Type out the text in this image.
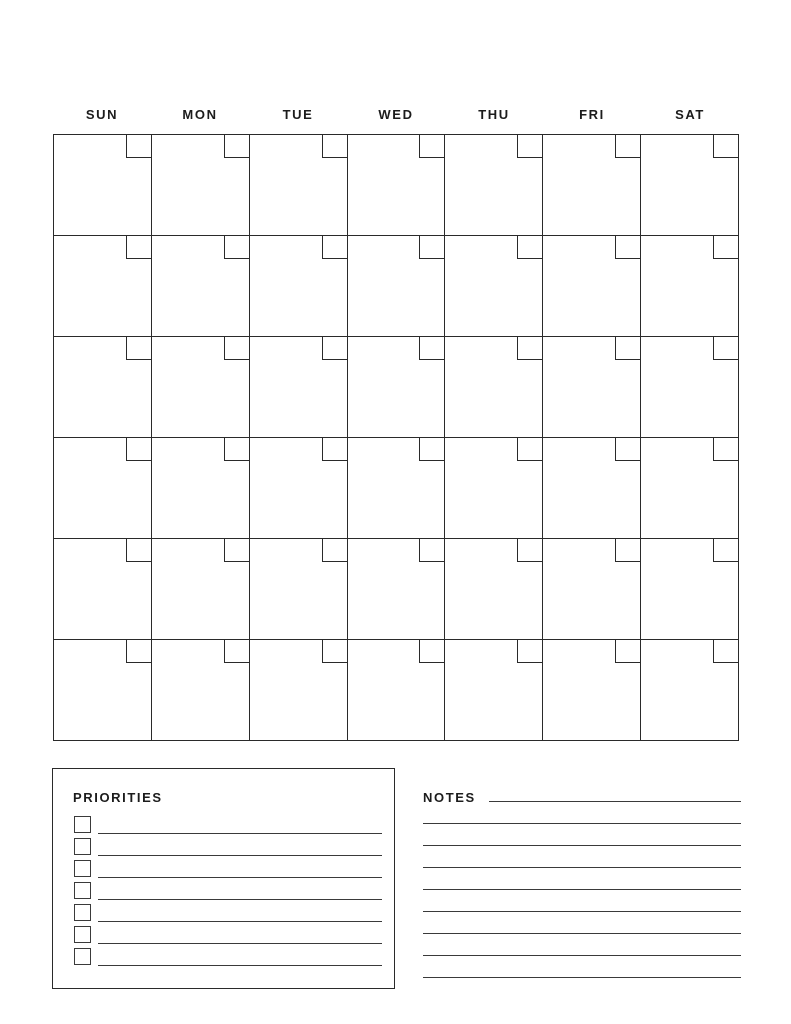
SUN	MON	TUE	WED	THU	FRI	SAT
PRIORITIES	NOTES
